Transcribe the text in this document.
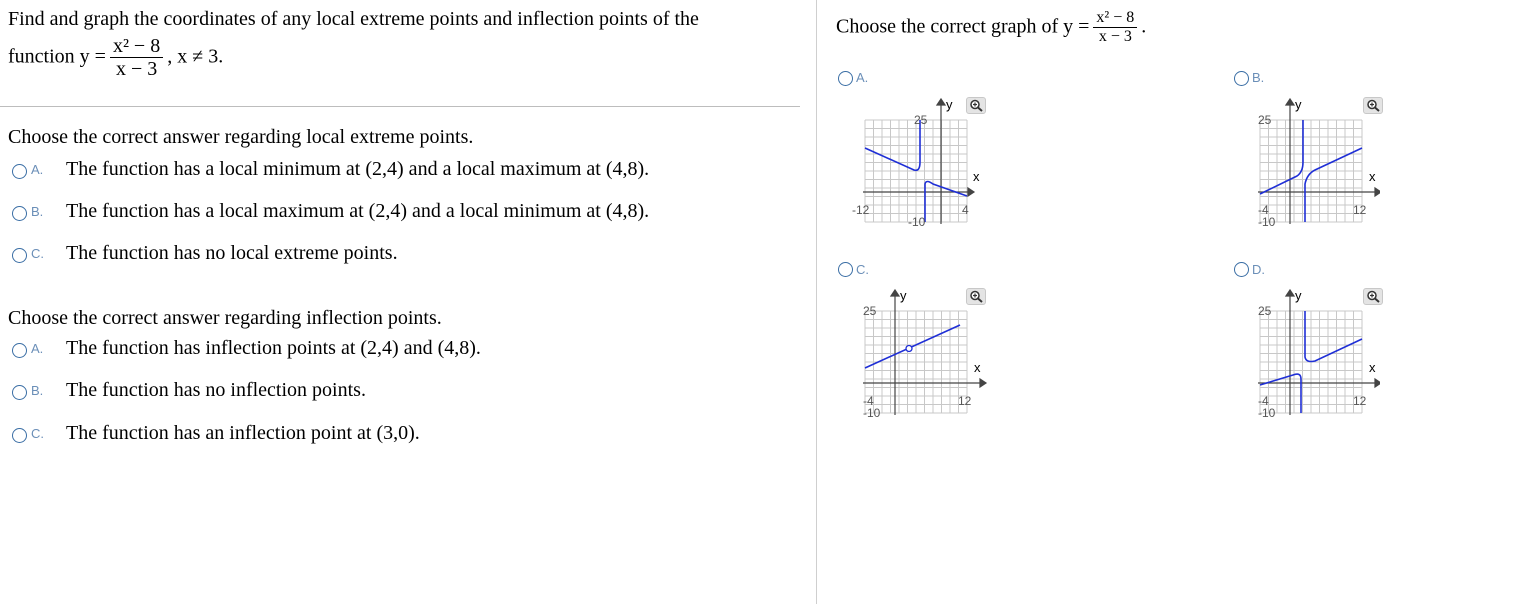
Find and graph the coordinates of any local extreme points and inflection points of the
function $y = \frac{\text{x² − 8}}{x - 3}$ , x ≠ 3.
Choose the correct answer regarding local extreme points.
A. The function has a local minimum at (2,4) and a local maximum at (4,8).
B. The function has a local maximum at (2,4) and a local minimum at (4,8).
C. The function has no local extreme points.
Choose the correct answer regarding inflection points.
A. The function has inflection points at (2,4) and (4,8).
B. The function has no inflection points.
C. The function has an inflection point at (3,0).
Choose the correct graph of $y = \frac{\text{x² − 8}}{x - 3}$ .
A.
y
x
25
-10
-12	4
B.
y
x
25
-10
-4	12
C.
y
x
25
-10
-4	12
D.
y
x
25
-10
-4	12
